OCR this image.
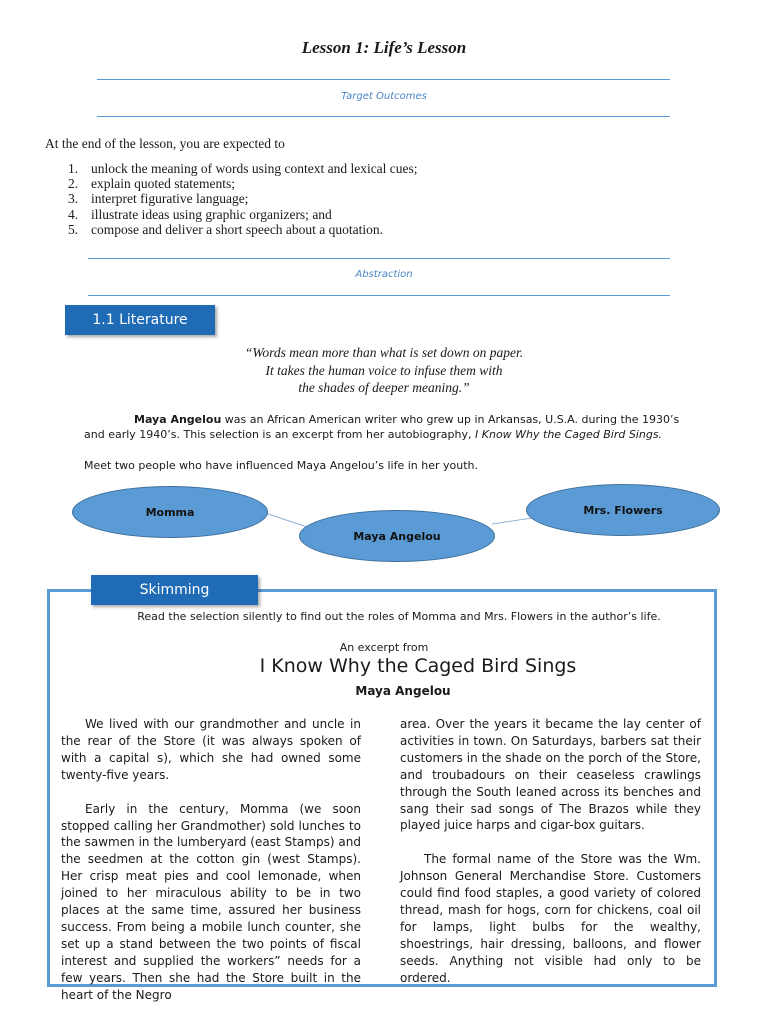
Lesson 1: Life’s Lesson
Target Outcomes
At the end of the lesson, you are expected to
1. unlock the meaning of words using context and lexical cues;
2. explain quoted statements;
3. interpret figurative language;
4. illustrate ideas using graphic organizers; and
5. compose and deliver a short speech about a quotation.
Abstraction
1.1 Literature
“Words mean more than what is set down on paper.
It takes the human voice to infuse them with
the shades of deeper meaning.”
Maya Angelou was an African American writer who grew up in Arkansas, U.S.A. during the 1930’s
and early 1940’s. This selection is an excerpt from her autobiography, I Know Why the Caged Bird Sings.
Meet two people who have influenced Maya Angelou’s life in her youth.
Momma
Maya Angelou
Mrs. Flowers
Skimming
Read the selection silently to find out the roles of Momma and Mrs. Flowers in the author’s life.
An excerpt from
I Know Why the Caged Bird Sings
Maya Angelou

We lived with our grandmother and uncle in the rear of the Store (it was always spoken of with a capital s), which she had owned some twenty-five years.

Early in the century, Momma (we soon stopped calling her Grandmother) sold lunches to the sawmen in the lumberyard (east Stamps) and the seedmen at the cotton gin (west Stamps). Her crisp meat pies and cool lemonade, when joined to her miraculous ability to be in two places at the same time, assured her business success. From being a mobile lunch counter, she set up a stand between the two points of fiscal interest and supplied the workers” needs for a few years. Then she had the Store built in the heart of the Negro

area. Over the years it became the lay center of activities in town. On Saturdays, barbers sat their customers in the shade on the porch of the Store, and troubadours on their ceaseless crawlings through the South leaned across its benches and sang their sad songs of The Brazos while they played juice harps and cigar-box guitars.

The formal name of the Store was the Wm. Johnson General Merchandise Store. Customers could find food staples, a good variety of colored thread, mash for hogs, corn for chickens, coal oil for lamps, light bulbs for the wealthy, shoestrings, hair dressing, balloons, and flower seeds. Anything not visible had only to be ordered.
